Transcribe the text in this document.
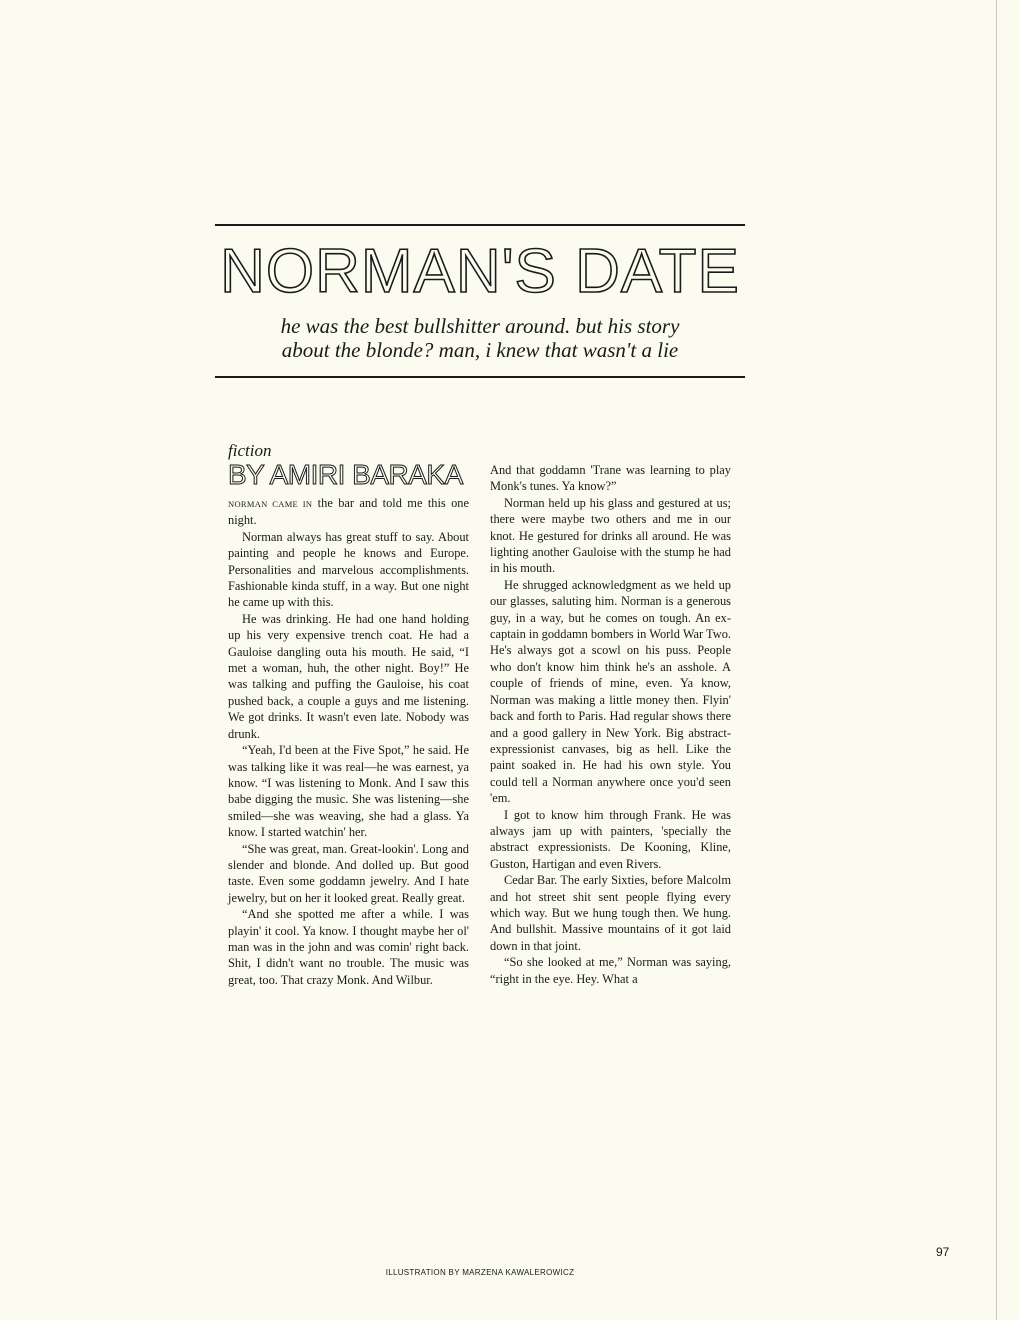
NORMAN'S DATE
he was the best bullshitter around. but his story
about the blonde? man, i knew that wasn't a lie
fiction
BY AMIRI BARAKA

NORMAN CAME IN the bar and told me this one night.

Norman always has great stuff to say. About painting and people he knows and Europe. Personalities and marvelous accomplishments. Fashionable kinda stuff, in a way. But one night he came up with this.

He was drinking. He had one hand holding up his very expensive trench coat. He had a Gauloise dangling outa his mouth. He said, “I met a woman, huh, the other night. Boy!” He was talking and puffing the Gauloise, his coat pushed back, a couple a guys and me listening. We got drinks. It wasn't even late. Nobody was drunk.

“Yeah, I'd been at the Five Spot,” he said. He was talking like it was real—he was earnest, ya know. “I was listening to Monk. And I saw this babe digging the music. She was listening—she smiled—she was weaving, she had a glass. Ya know. I started watchin' her.

“She was great, man. Great-lookin'. Long and slender and blonde. And dolled up. But good taste. Even some goddamn jewelry. And I hate jewelry, but on her it looked great. Really great.

“And she spotted me after a while. I was playin' it cool. Ya know. I thought maybe her ol' man was in the john and was comin' right back. Shit, I didn't want no trouble. The music was great, too. That crazy Monk. And Wilbur.

And that goddamn 'Trane was learning to play Monk's tunes. Ya know?”

Norman held up his glass and gestured at us; there were maybe two others and me in our knot. He gestured for drinks all around. He was lighting another Gauloise with the stump he had in his mouth.

He shrugged acknowledgment as we held up our glasses, saluting him. Norman is a generous guy, in a way, but he comes on tough. An ex-captain in goddamn bombers in World War Two. He's always got a scowl on his puss. People who don't know him think he's an asshole. A couple of friends of mine, even. Ya know, Norman was making a little money then. Flyin' back and forth to Paris. Had regular shows there and a good gallery in New York. Big abstract-expressionist canvases, big as hell. Like the paint soaked in. He had his own style. You could tell a Norman anywhere once you'd seen 'em.

I got to know him through Frank. He was always jam up with painters, 'specially the abstract expressionists. De Kooning, Kline, Guston, Hartigan and even Rivers.

Cedar Bar. The early Sixties, before Malcolm and hot street shit sent people flying every which way. But we hung tough then. We hung. And bullshit. Massive mountains of it got laid down in that joint.

“So she looked at me,” Norman was saying, “right in the eye. Hey. What a

ILLUSTRATION BY MARZENA KAWALEROWICZ
97
